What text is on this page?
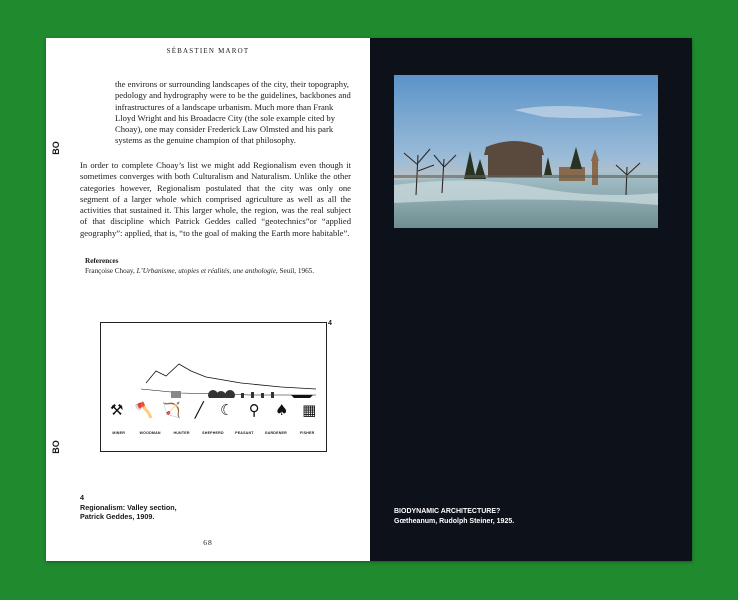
SÉBASTIEN MAROT
BO
BO

the environs or surrounding landscapes of the city, their topography, pedology and hydrography were to be the guidelines, backbones and infrastructures of a landscape urbanism. Much more than Frank Lloyd Wright and his Broadacre City (the sole example cited by Choay), one may consider Frederick Law Olmsted and his park systems as the genuine champion of that philosophy.

In order to complete Choay’s list we might add Regionalism even though it sometimes converges with both Culturalism and Naturalism. Unlike the other categories however, Regionalism postulated that the city was only one segment of a larger whole which comprised agriculture as well as all the activities that sustained it. This larger whole, the region, was the real subject of that discipline which Patrick Geddes called “geotechnics”or “applied geography”: applied, that is, “to the goal of making the Earth more habitable”.

References
Françoise Choay, L’Urbanisme, utopies et réalités, une anthologie, Seuil, 1965.
⚒ 🪓 🏹 ╱	☾	⚲	♠ ▦
MINER	WOODMAN	HUNTER	SHEPHERD	PEASANT	GARDENER	FISHER
4
4
Regionalism: Valley section,
Patrick Geddes, 1909.
68
BIODYNAMIC ARCHITECTURE?
Gœtheanum, Rudolph Steiner, 1925.
